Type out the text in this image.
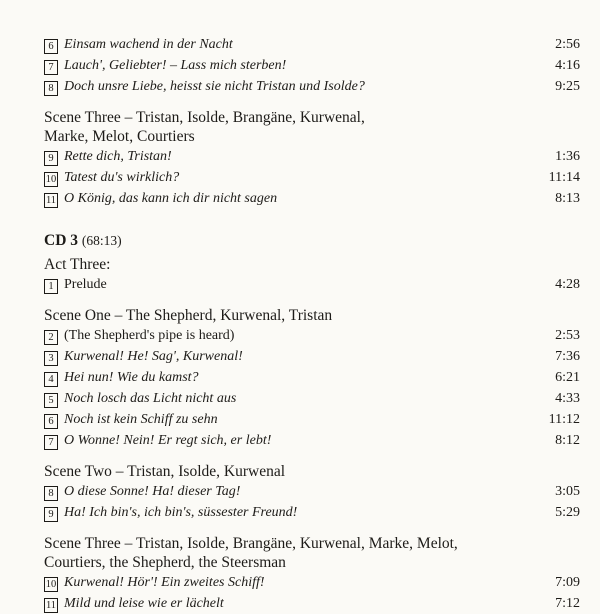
6 Einsam wachend in der Nacht	2:56
7 Lauch', Geliebter! – Lass mich sterben!	4:16
8 Doch unsre Liebe, heisst sie nicht Tristan und Isolde?	9:25
Scene Three – Tristan, Isolde, Brangäne, Kurwenal,
Marke, Melot, Courtiers
9 Rette dich, Tristan!	1:36
10 Tatest du's wirklich?	11:14
11 O König, das kann ich dir nicht sagen	8:13
CD 3 (68:13)
Act Three:
1 Prelude	4:28
Scene One – The Shepherd, Kurwenal, Tristan
2 (The Shepherd's pipe is heard)	2:53
3 Kurwenal! He! Sag', Kurwenal!	7:36
4 Hei nun! Wie du kamst?	6:21
5 Noch losch das Licht nicht aus	4:33
6 Noch ist kein Schiff zu sehn	11:12
7 O Wonne! Nein! Er regt sich, er lebt!	8:12
Scene Two – Tristan, Isolde, Kurwenal
8 O diese Sonne! Ha! dieser Tag!	3:05
9 Ha! Ich bin's, ich bin's, süssester Freund!	5:29
Scene Three – Tristan, Isolde, Brangäne, Kurwenal, Marke, Melot,
Courtiers, the Shepherd, the Steersman
10 Kurwenal! Hör'! Ein zweites Schiff!	7:09
11 Mild und leise wie er lächelt	7:12
